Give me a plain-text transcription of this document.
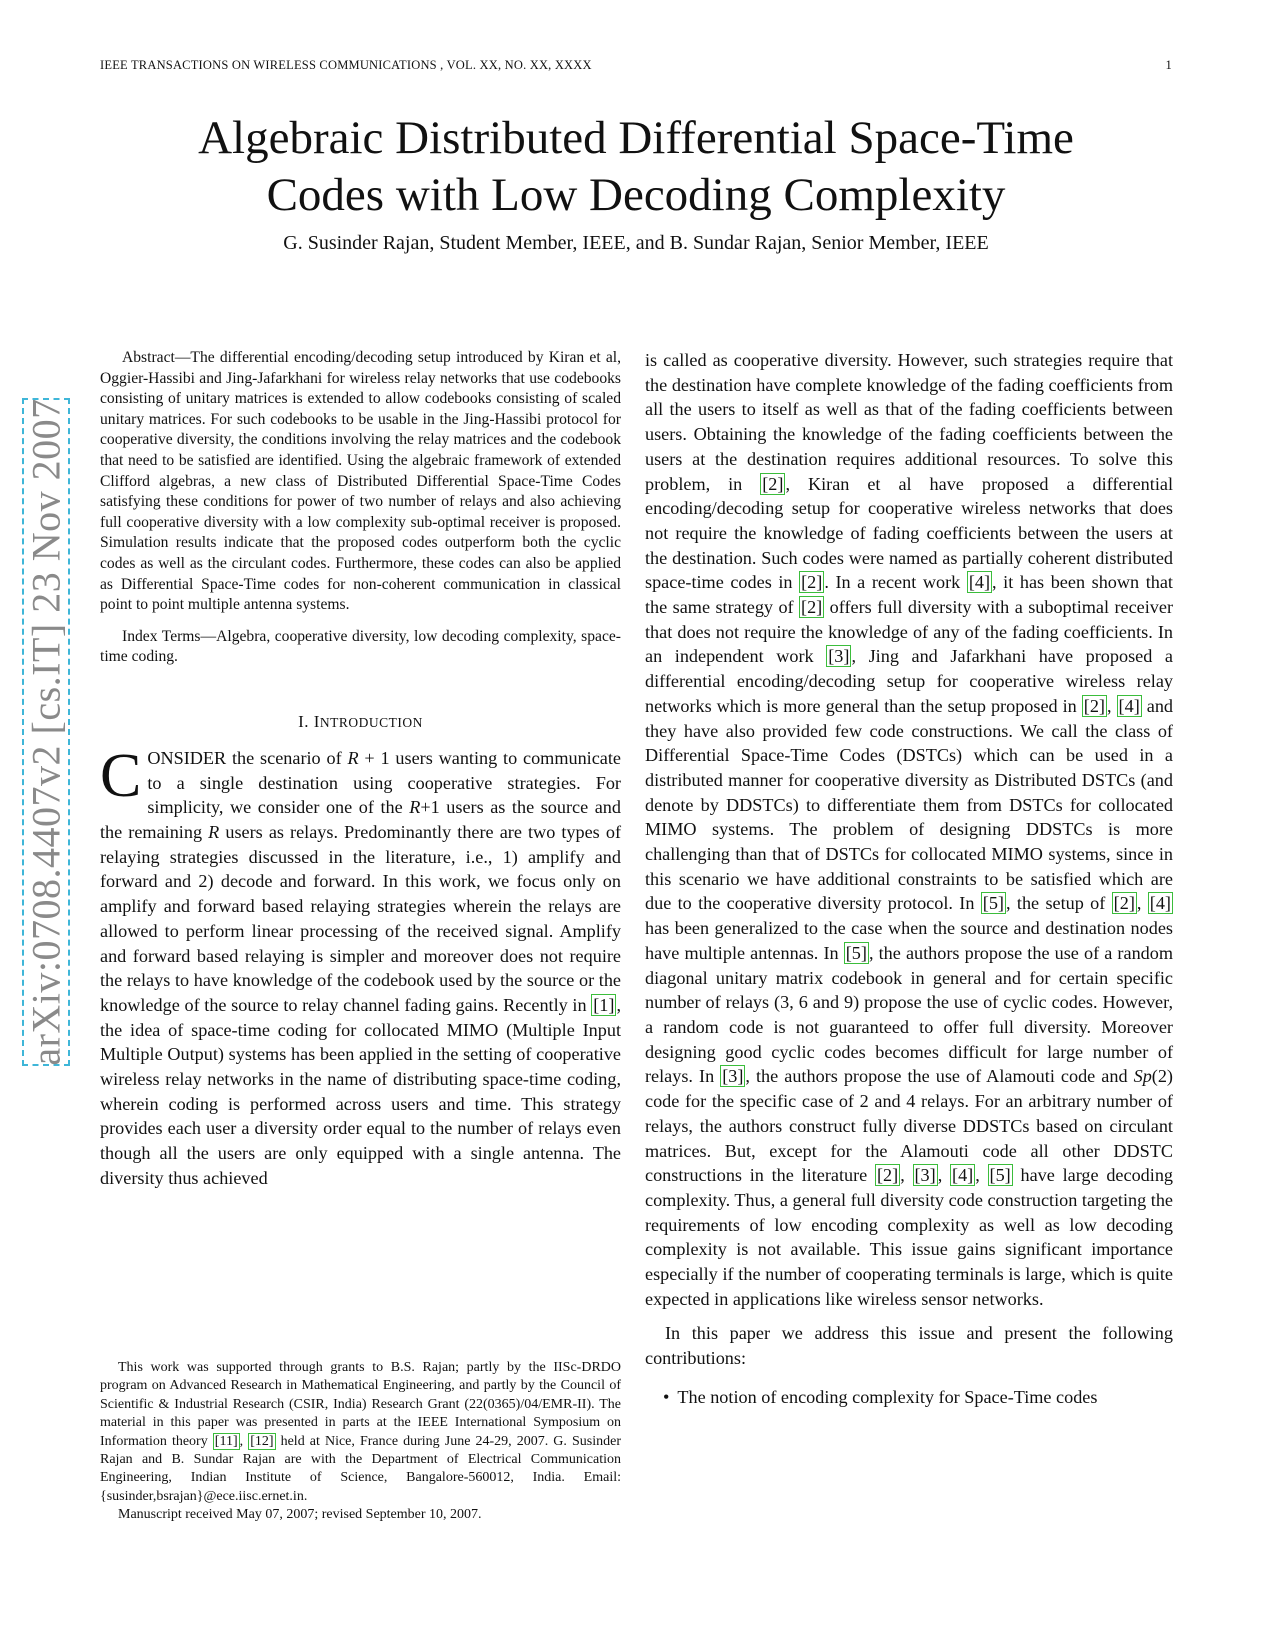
IEEE TRANSACTIONS ON WIRELESS COMMUNICATIONS , VOL. XX, NO. XX, XXXX	1
Algebraic Distributed Differential Space-Time
Codes with Low Decoding Complexity
G. Susinder Rajan, Student Member, IEEE, and B. Sundar Rajan, Senior Member, IEEE
arXiv:0708.4407v2 [cs.IT] 23 Nov 2007

Abstract—The differential encoding/decoding setup introduced by Kiran et al, Oggier-Hassibi and Jing-Jafarkhani for wireless relay networks that use codebooks consisting of unitary matrices is extended to allow codebooks consisting of scaled unitary matrices. For such codebooks to be usable in the Jing-Hassibi protocol for cooperative diversity, the conditions involving the relay matrices and the codebook that need to be satisfied are identified. Using the algebraic framework of extended Clifford algebras, a new class of Distributed Differential Space-Time Codes satisfying these conditions for power of two number of relays and also achieving full cooperative diversity with a low complexity sub-optimal receiver is proposed. Simulation results indicate that the proposed codes outperform both the cyclic codes as well as the circulant codes. Furthermore, these codes can also be applied as Differential Space-Time codes for non-coherent communication in classical point to point multiple antenna systems.

Index Terms—Algebra, cooperative diversity, low decoding complexity, space-time coding.

I. INTRODUCTION

CONSIDER the scenario of R + 1 users wanting to communicate to a single destination using cooperative strategies. For simplicity, we consider one of the R+1 users as the source and the remaining R users as relays. Predominantly there are two types of relaying strategies discussed in the literature, i.e., 1) amplify and forward and 2) decode and forward. In this work, we focus only on amplify and forward based relaying strategies wherein the relays are allowed to perform linear processing of the received signal. Amplify and forward based relaying is simpler and moreover does not require the relays to have knowledge of the codebook used by the source or the knowledge of the source to relay channel fading gains. Recently in [1] , the idea of space-time coding for collocated MIMO (Multiple Input Multiple Output) systems has been applied in the setting of cooperative wireless relay networks in the name of distributing space-time coding, wherein coding is performed across users and time. This strategy provides each user a diversity order equal to the number of relays even though all the users are only equipped with a single antenna. The diversity thus achieved

This work was supported through grants to B.S. Rajan; partly by the IISc-DRDO program on Advanced Research in Mathematical Engineering, and partly by the Council of Scientific & Industrial Research (CSIR, India) Research Grant (22(0365)/04/EMR-II). The material in this paper was presented in parts at the IEEE International Symposium on Information theory [11] , [12] held at Nice, France during June 24-29, 2007. G. Susinder Rajan and B. Sundar Rajan are with the Department of Electrical Communication Engineering, Indian Institute of Science, Bangalore-560012, India. Email:{susinder,bsrajan}@ece.iisc.ernet.in.

Manuscript received May 07, 2007; revised September 10, 2007.

is called as cooperative diversity. However, such strategies require that the destination have complete knowledge of the fading coefficients from all the users to itself as well as that of the fading coefficients between users. Obtaining the knowledge of the fading coefficients between the users at the destination requires additional resources. To solve this problem, in [2] , Kiran et al have proposed a differential encoding/decoding setup for cooperative wireless networks that does not require the knowledge of fading coefficients between the users at the destination. Such codes were named as partially coherent distributed space-time codes in [2] . In a recent work [4] , it has been shown that the same strategy of [2] offers full diversity with a suboptimal receiver that does not require the knowledge of any of the fading coefficients. In an independent work [3] , Jing and Jafarkhani have proposed a differential encoding/decoding setup for cooperative wireless relay networks which is more general than the setup proposed in [2] , [4] and they have also provided few code constructions. We call the class of Differential Space-Time Codes (DSTCs) which can be used in a distributed manner for cooperative diversity as Distributed DSTCs (and denote by DDSTCs) to differentiate them from DSTCs for collocated MIMO systems. The problem of designing DDSTCs is more challenging than that of DSTCs for collocated MIMO systems, since in this scenario we have additional constraints to be satisfied which are due to the cooperative diversity protocol. In [5] , the setup of [2] , [4] has been generalized to the case when the source and destination nodes have multiple antennas. In [5] , the authors propose the use of a random diagonal unitary matrix codebook in general and for certain specific number of relays (3, 6 and 9) propose the use of cyclic codes. However, a random code is not guaranteed to offer full diversity. Moreover designing good cyclic codes becomes difficult for large number of relays. In [3] , the authors propose the use of Alamouti code and Sp(2) code for the specific case of 2 and 4 relays. For an arbitrary number of relays, the authors construct fully diverse DDSTCs based on circulant matrices. But, except for the Alamouti code all other DDSTC constructions in the literature [2] , [3] , [4] , [5] have large decoding complexity. Thus, a general full diversity code construction targeting the requirements of low encoding complexity as well as low decoding complexity is not available. This issue gains significant importance especially if the number of cooperating terminals is large, which is quite expected in applications like wireless sensor networks.

In this paper we address this issue and present the following contributions:

• The notion of encoding complexity for Space-Time codes
